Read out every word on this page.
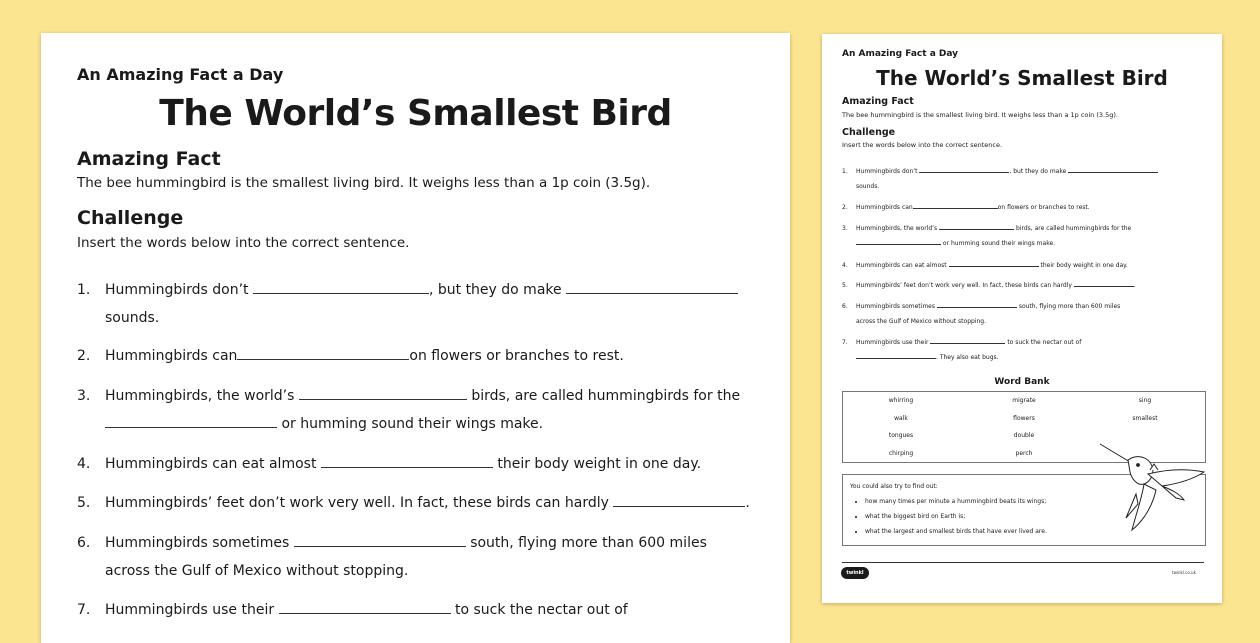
An Amazing Fact a Day
The World’s Smallest Bird
Amazing Fact
The bee hummingbird is the smallest living bird. It weighs less than a 1p coin (3.5g).
Challenge
Insert the words below into the correct sentence.
1. Hummingbirds don’t	, but they do make
sounds.
2. Hummingbirds can	on flowers or branches to rest.
3. Hummingbirds, the world’s	birds, are called hummingbirds for the
or humming sound their wings make.
4. Hummingbirds can eat almost	their body weight in one day.
5. Hummingbirds’ feet don’t work very well. In fact, these birds can hardly	.
6. Hummingbirds sometimes	south, flying more than 600 miles
across the Gulf of Mexico without stopping.
7. Hummingbirds use their	to suck the nectar out of
An Amazing Fact a Day
The World’s Smallest Bird
Amazing Fact
The bee hummingbird is the smallest living bird. It weighs less than a 1p coin (3.5g).
Challenge
Insert the words below into the correct sentence.
1. Hummingbirds don’t	, but they do make
sounds.
2. Hummingbirds can	on flowers or branches to rest.
3. Hummingbirds, the world’s	birds, are called hummingbirds for the
or humming sound their wings make.
4. Hummingbirds can eat almost	their body weight in one day.
5. Hummingbirds’ feet don’t work very well. In fact, these birds can hardly	.
6. Hummingbirds sometimes	south, flying more than 600 miles
across the Gulf of Mexico without stopping.
7. Hummingbirds use their	to suck the nectar out of
. They also eat bugs.
Word Bank
whirring	migrate	sing
walk	flowers	smallest
tongues	double
chirping	perch
You could also try to find out:
• how many times per minute a hummingbird beats its wings;
• what the biggest bird on Earth is;
• what the largest and smallest birds that have ever lived are.
twinkl	twinkl.co.uk
